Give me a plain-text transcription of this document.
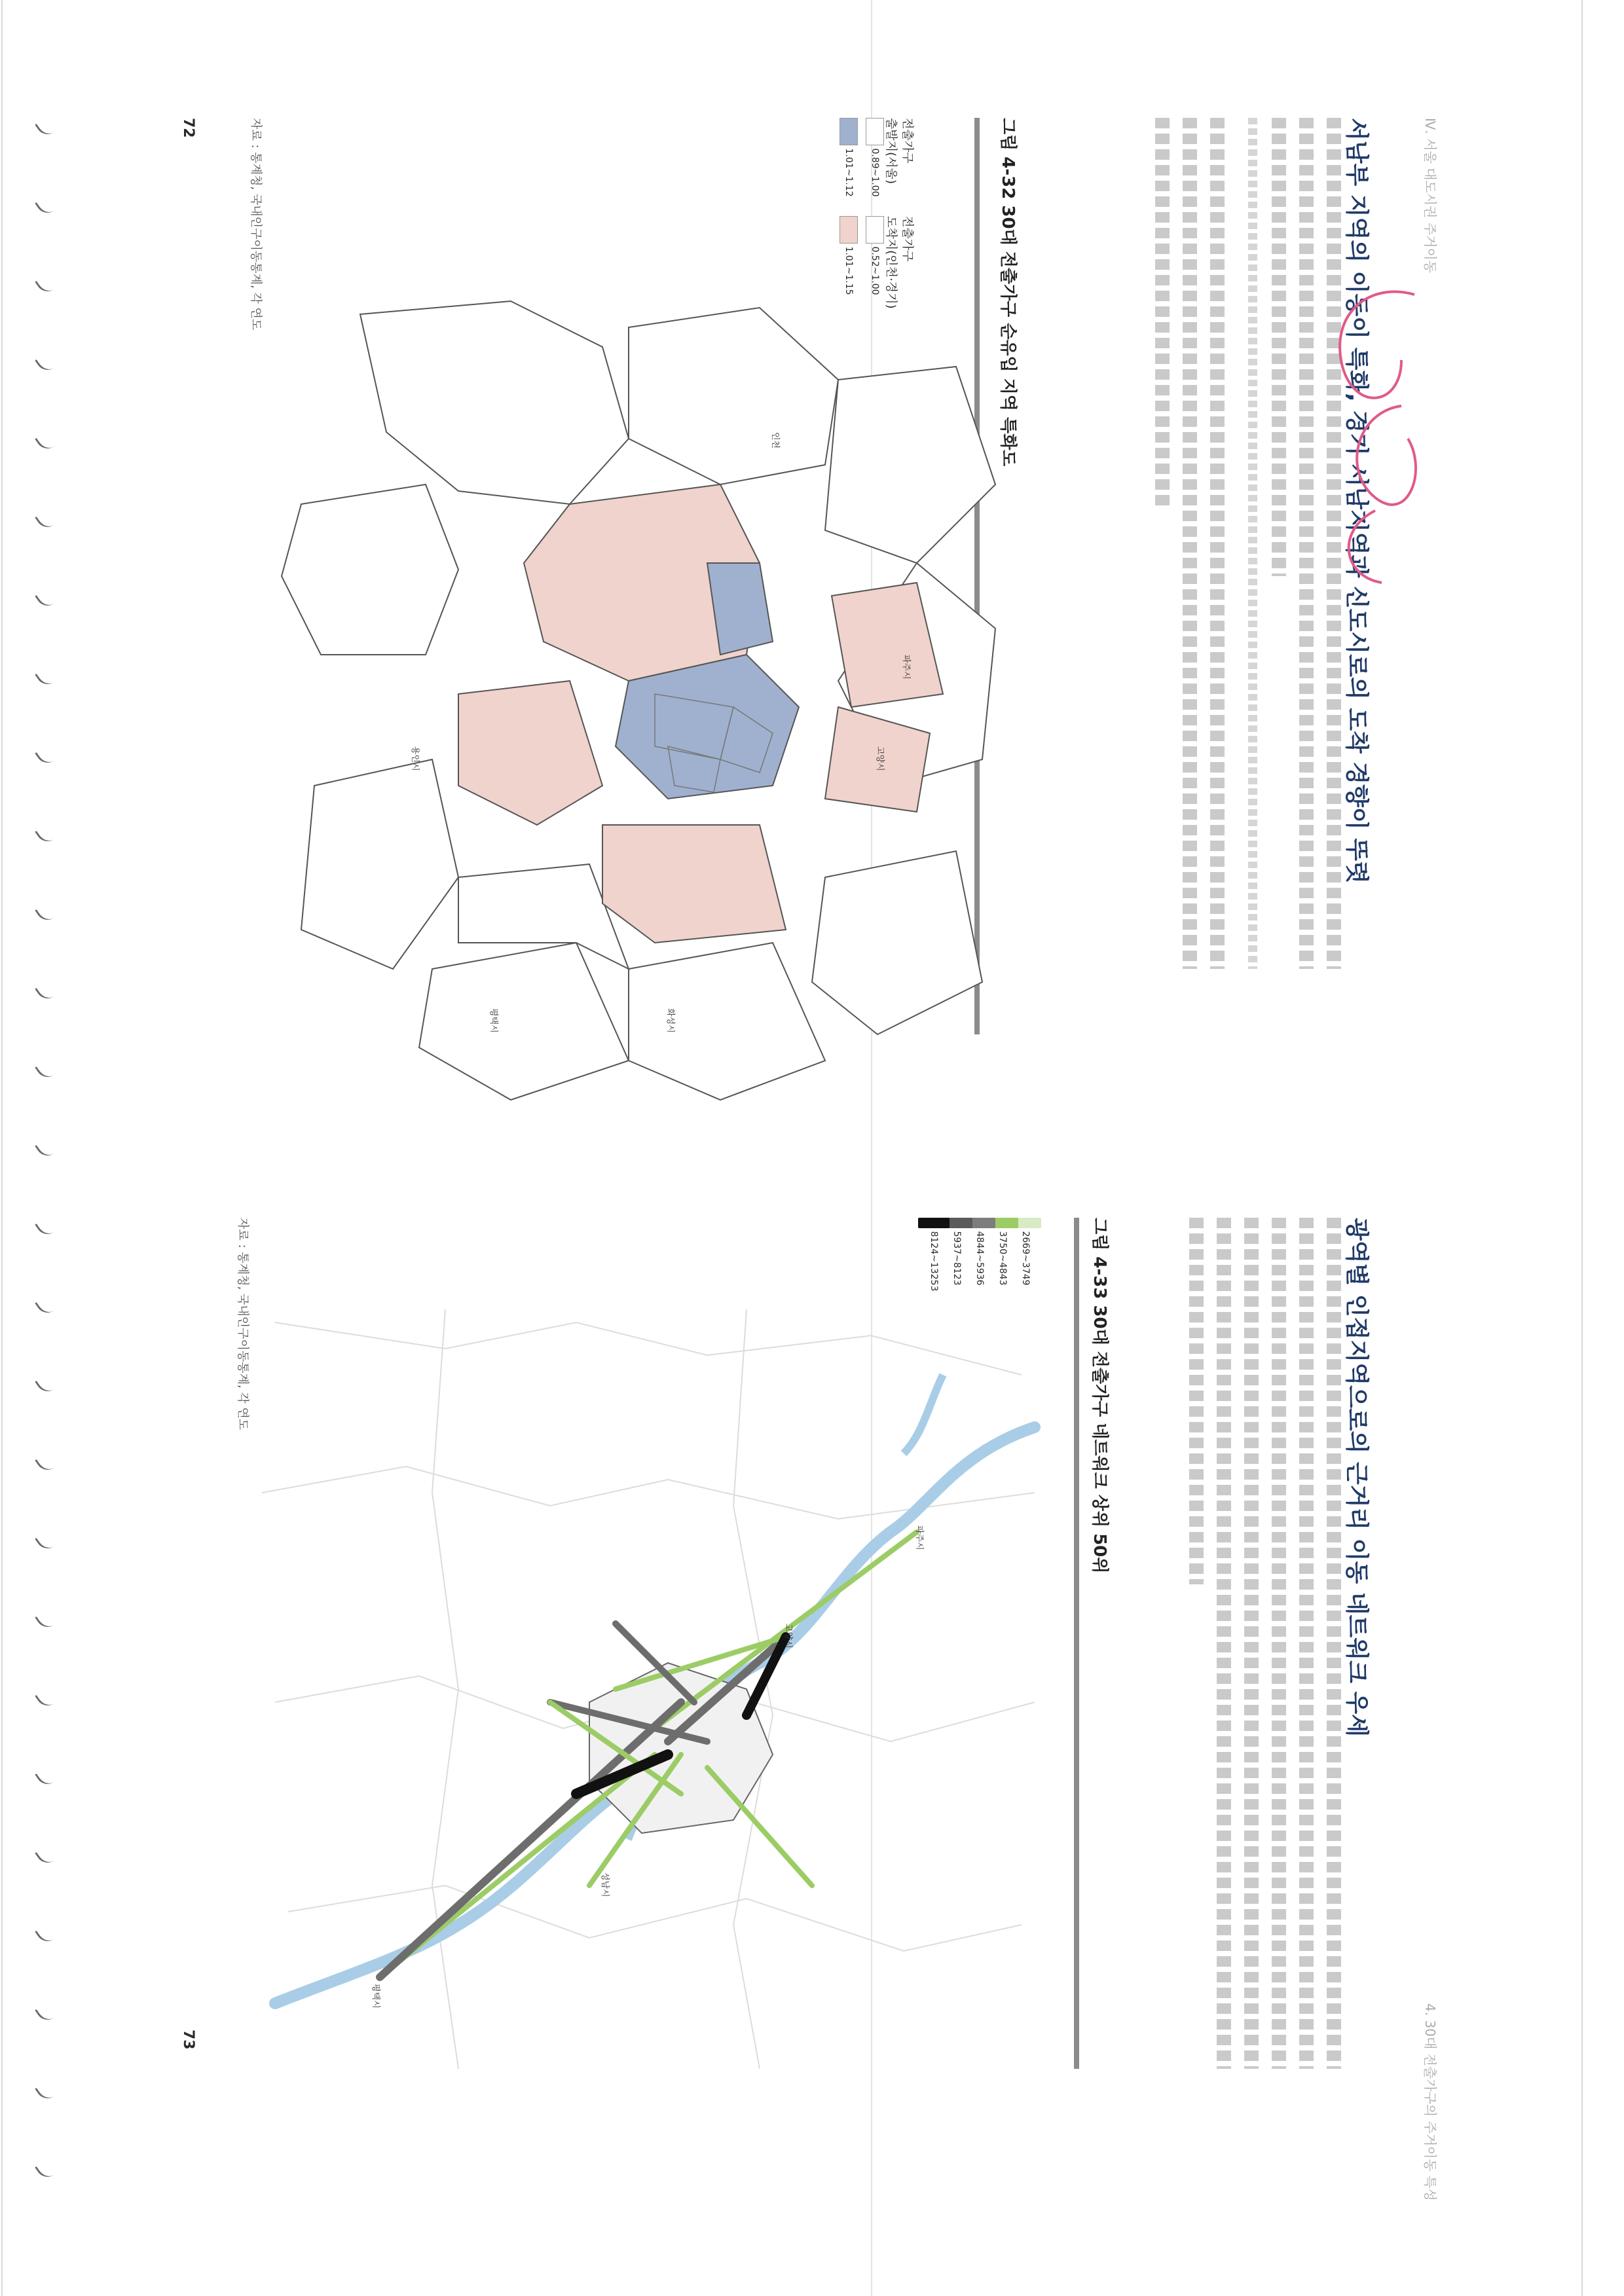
Ⅳ. 서울 대도시권 주거이동
서남부 지역의 이동이 특화, 경기 서남지역과 신도시로의 도착 경향이 뚜렷
그림 4-32 30대 전출가구 순유입 지역 특화도
전출가구
출발지(서울)
0.89~1.00
1.01~1.12
전출가구
도착지(인천·경기)
0.52~1.00
1.01~1.15
인천
용인시
평택시	화성시
파주시
고양시
자료 : 통계청, 국내인구이동통계, 각 연도
72
4. 30대 전출가구의 주거이동 특성
광역별 인접지역으로의 근거리 이동 네트워크 우세
그림 4-33 30대 전출가구 네트워크 상위 50위
2669~3749
3750~4843
4844~5936
5937~8123
8124~13253
파주시
고양시
성남시
평택시
자료 : 통계청, 국내인구이동통계, 각 연도
73
